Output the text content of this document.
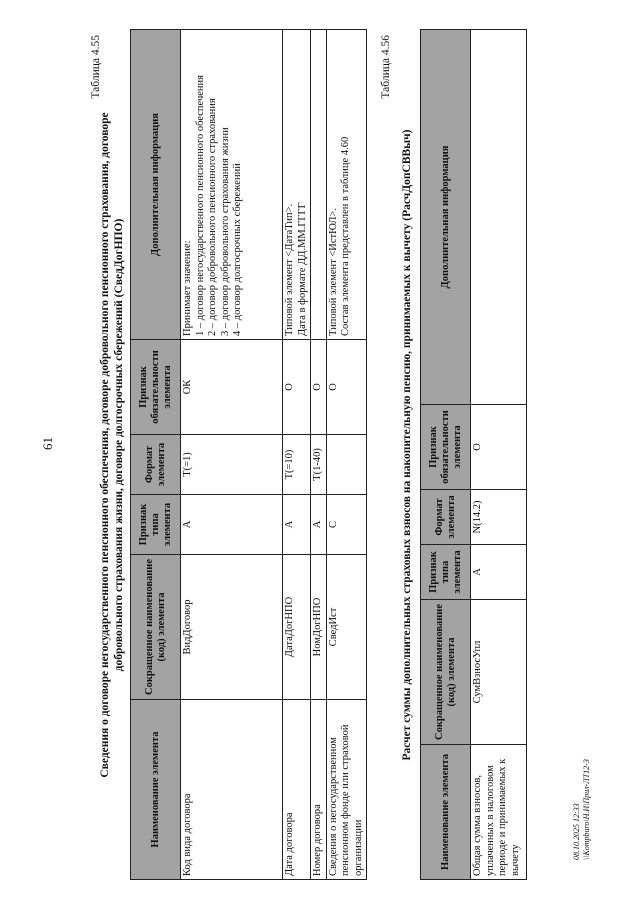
61
Таблица 4.55
Сведения о договоре негосударственного пенсионного обеспечения, договоре добровольного пенсионного страхования, договоре добровольного страхования жизни, договоре долгосрочных сбережений (СведДогНПО)
Наименование элемента	Сокращенное наименование (код) элемента	Признак типа элемента	Формат элемента	Признак обязательности элемента	Дополнительная информация
Код вида договора	ВидДоговор	А	Т(=1)	ОК	Принимает значение: 1 – договор негосударственного пенсионного обеспечения 2 – договор добровольного пенсионного страхования 3 – договор добровольного страхования жизни 4 – договор долгосрочных сбережений

Дата договора	ДатаДогНПО	А	Т(=10)	О	Типовой элемент <ДатаТип>. Дата в формате ДД.ММ.ГГГГ

Номер договора	НомДогНПО	А	Т(1-40)	О	
Сведения о негосударственном пенсионном фонде или страховой организации	СведИст	С		О	Типовой элемент <ИстЮЛ>. Состав элемента представлен в таблице 4.60
Таблица 4.56
Расчет суммы дополнительных страховых взносов на накопительную пенсию, принимаемых к вычету (РасчДопСВВыч)
Наименование элемента	Сокращенное наименование (код) элемента	Признак типа элемента	Формат элемента	Признак обязательности элемента	Дополнительная информация
Общая сумма взносов, уплаченных в налоговом периоде и принимаемых к вычету	СумВзносУпл	А	N(14.2)	О	
08.10.2025 12:33 \\Kompburo\Н.И\Прил-ЛТ12-3
